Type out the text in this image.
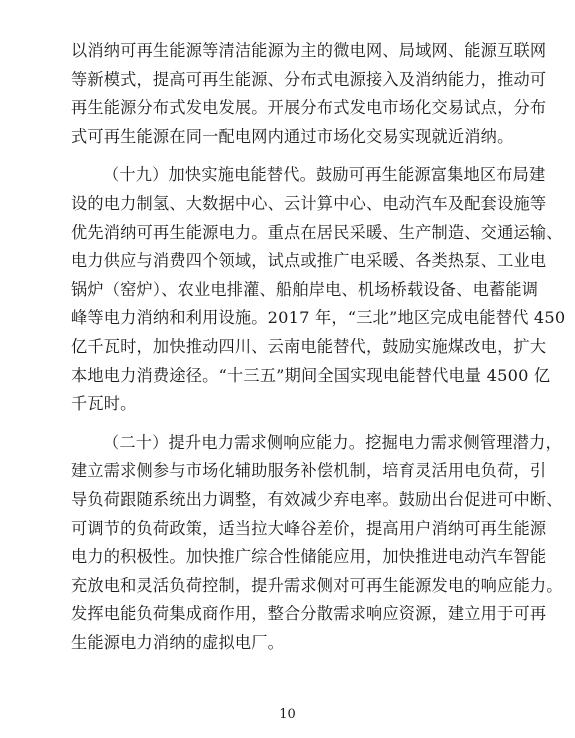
以消纳可再生能源等清洁能源为主的微电网、局域网、能源互联网
等新模式，提高可再生能源、分布式电源接入及消纳能力，推动可
再生能源分布式发电发展。开展分布式发电市场化交易试点，分布
式可再生能源在同一配电网内通过市场化交易实现就近消纳。
（十九）加快实施电能替代。鼓励可再生能源富集地区布局建
设的电力制氢、大数据中心、云计算中心、电动汽车及配套设施等
优先消纳可再生能源电力。重点在居民采暖、生产制造、交通运输、
电力供应与消费四个领域，试点或推广电采暖、各类热泵、工业电
锅炉（窑炉）、农业电排灌、船舶岸电、机场桥载设备、电蓄能调
峰等电力消纳和利用设施。2017 年，“三北”地区完成电能替代 450
亿千瓦时，加快推动四川、云南电能替代，鼓励实施煤改电，扩大
本地电力消费途径。“十三五”期间全国实现电能替代电量 4500 亿
千瓦时。
（二十）提升电力需求侧响应能力。挖掘电力需求侧管理潜力，
建立需求侧参与市场化辅助服务补偿机制，培育灵活用电负荷，引
导负荷跟随系统出力调整，有效减少弃电率。鼓励出台促进可中断、
可调节的负荷政策，适当拉大峰谷差价，提高用户消纳可再生能源
电力的积极性。加快推广综合性储能应用，加快推进电动汽车智能
充放电和灵活负荷控制，提升需求侧对可再生能源发电的响应能力。
发挥电能负荷集成商作用，整合分散需求响应资源，建立用于可再
生能源电力消纳的虚拟电厂。
10
